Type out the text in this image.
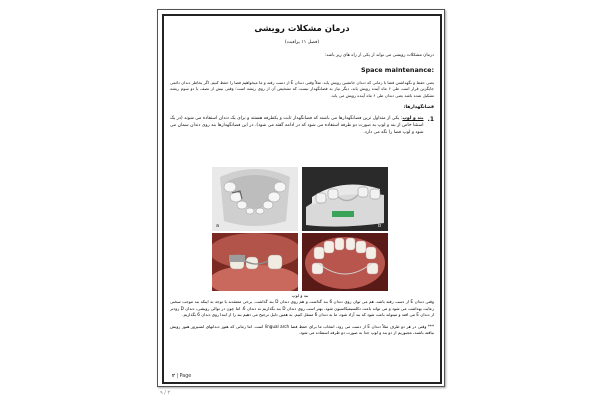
درمان مشکلات رویشی
(فصل ۱۱ پرافیت)
درمان مشکلات رویشی می تواند از یکی از راه های زیر باشد:
Space maintenance:
یعنی حفظ و نگهداشتن فضا با زمانی که دندان جانشین رویش یابد. مثلاً وقتی دندان E از دست رفته و ما میخواهیم فضا را حفظ کنیم. اگر بخاطر دندان دائمی جایگزین قرار است طی ۶ ماه آینده رویش یابد، دیگر نیاز به فضانگهدار نیست که تشخیص آن از روی ریشه است؛ وقتی بیش از نصف یا دو سوم ریشه تشکیل شده باشد یعنی دندان طی ۶ ماه آینده رویش می یابد.
فضانگهدارها:
1.
بند و لوپ: یکی از متداول ترین فضانگهدارها می باشند که فضانگهدار ثابت و یکطرفه هستند و برای یک دندان استفاده می شوند (در یک استثنا خاص از بند و لوپ به صورت دو طرفه استفاده می شود که در ادامه گفته می شود). در این فضانگهدارها بند روی دندان سمان می شود و لوپ فضا را نگه می دارد.
a	b
بند و لوپ
وقتی دندان E از دست رفته باشد، هم می توان روی دندان 6 بند گذاشت و هم روی دندان D بند گذاشت. برخی معتقدند با توجه به اینکه بند موجب سختی رعایت بهداشت می شود و می تواند باعث دکلسیفیکاسیون شود، بهتر است روی دندان D بند بگذاریم نه دندان 6. اما چون در توالی رویشی، دندان D زودتر از دندان E می افتد و میتواند باعث شود که بند آزاد شود، ما به دندان 6 منتقل کنیم. به همین دلیل ترجیح می دهیم بند را از ابتدا روی دندان 6 بگذاریم.
*** وقتی در هر دو طرف مثلاً دندان E از دست می رود، انتخاب ما برای حفظ فضا lingual arch است. اما زمانی که هنوز دندانهای انسیزور هنوز رویش نیافته باشند، مجبوریم از دو بند و لوپ جدا به صورت دو طرفه استفاده می شود.
۲ | Page
۹ / ۲
